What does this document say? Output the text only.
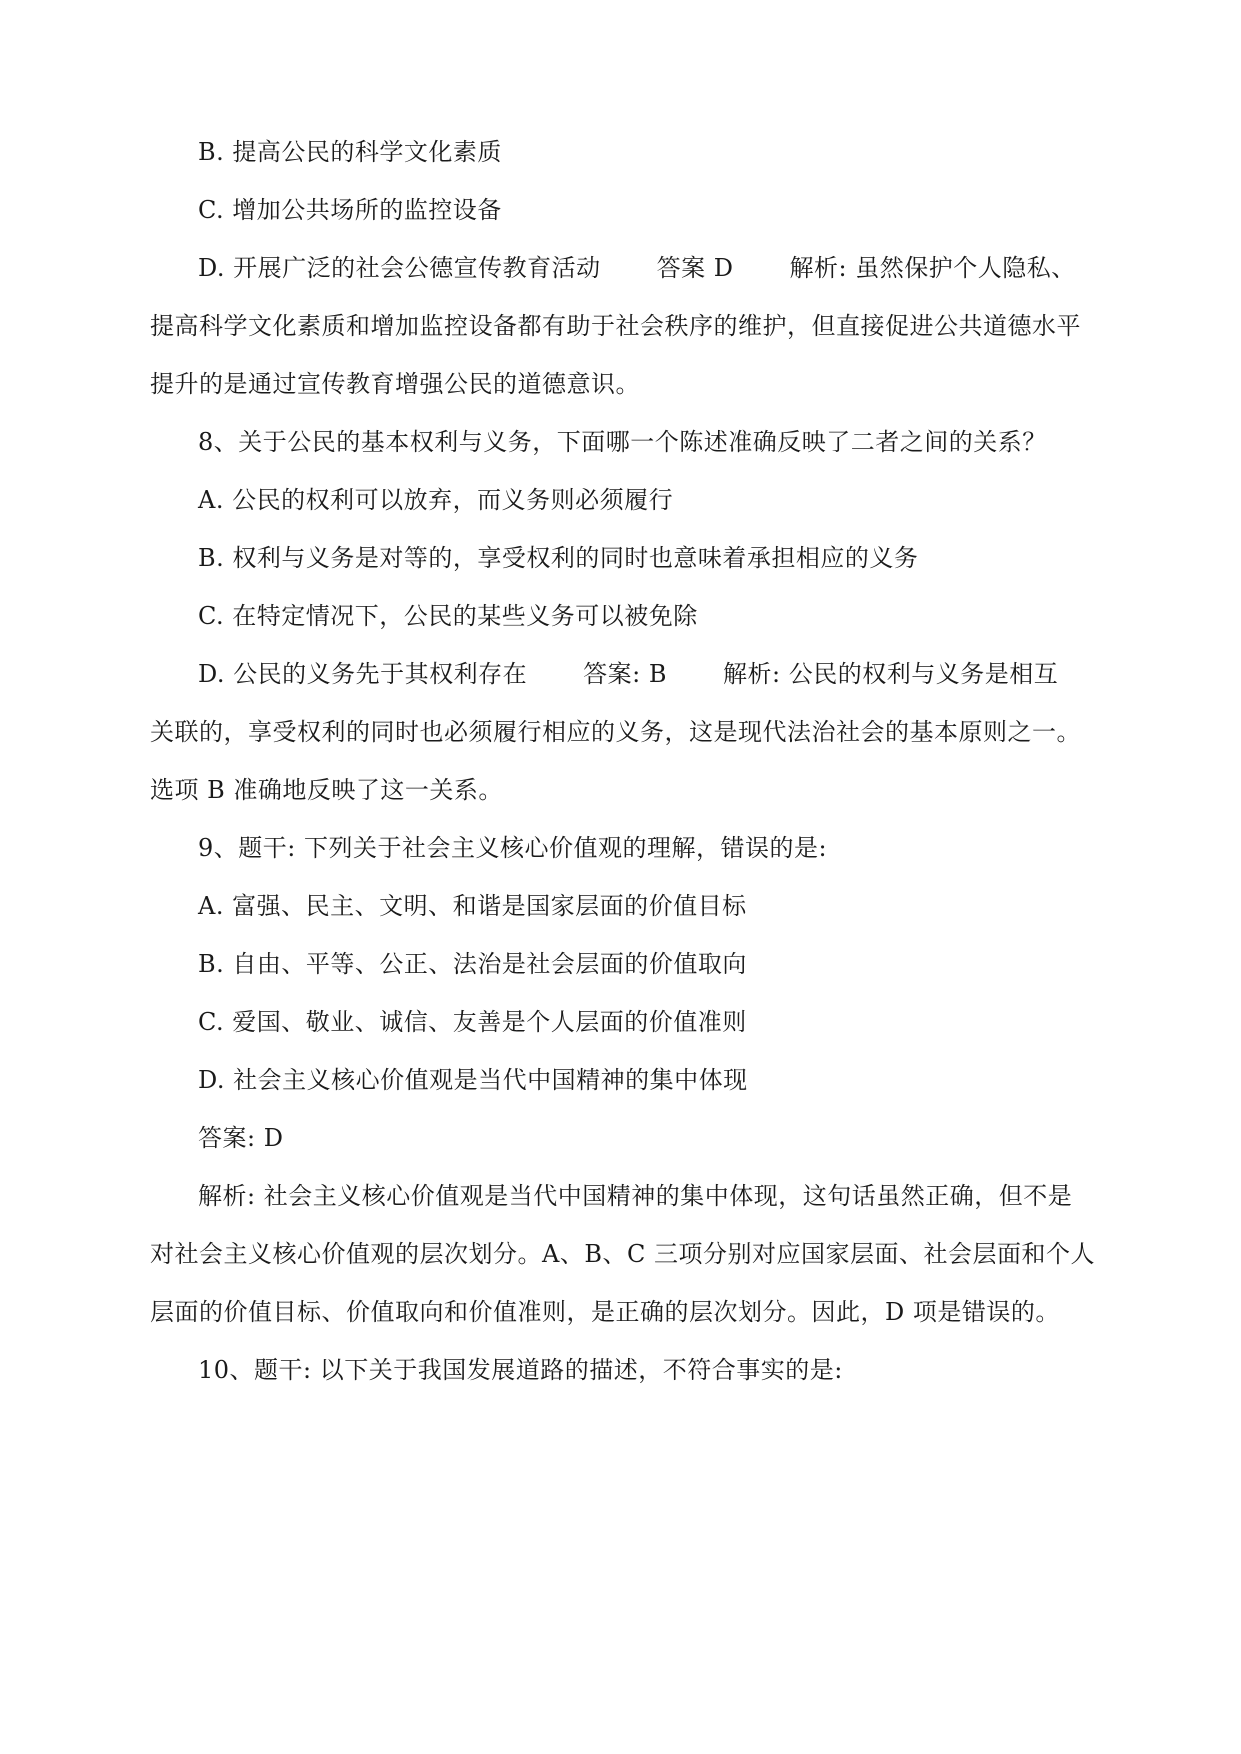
B. 提高公民的科学文化素质
C. 增加公共场所的监控设备
D. 开展广泛的社会公德宣传教育活动 答案 D 解析: 虽然保护个人隐私、
提高科学文化素质和增加监控设备都有助于社会秩序的维护，但直接促进公共道德水平
提升的是通过宣传教育增强公民的道德意识。
8、关于公民的基本权利与义务，下面哪一个陈述准确反映了二者之间的关系？
A. 公民的权利可以放弃，而义务则必须履行
B. 权利与义务是对等的，享受权利的同时也意味着承担相应的义务
C. 在特定情况下，公民的某些义务可以被免除
D. 公民的义务先于其权利存在 答案: B 解析: 公民的权利与义务是相互
关联的，享受权利的同时也必须履行相应的义务，这是现代法治社会的基本原则之一。
选项 B 准确地反映了这一关系。
9、题干: 下列关于社会主义核心价值观的理解，错误的是:
A. 富强、民主、文明、和谐是国家层面的价值目标
B. 自由、平等、公正、法治是社会层面的价值取向
C. 爱国、敬业、诚信、友善是个人层面的价值准则
D. 社会主义核心价值观是当代中国精神的集中体现
答案: D
解析: 社会主义核心价值观是当代中国精神的集中体现，这句话虽然正确，但不是
对社会主义核心价值观的层次划分。A、B、C 三项分别对应国家层面、社会层面和个人
层面的价值目标、价值取向和价值准则，是正确的层次划分。因此，D 项是错误的。
10、题干: 以下关于我国发展道路的描述，不符合事实的是:
